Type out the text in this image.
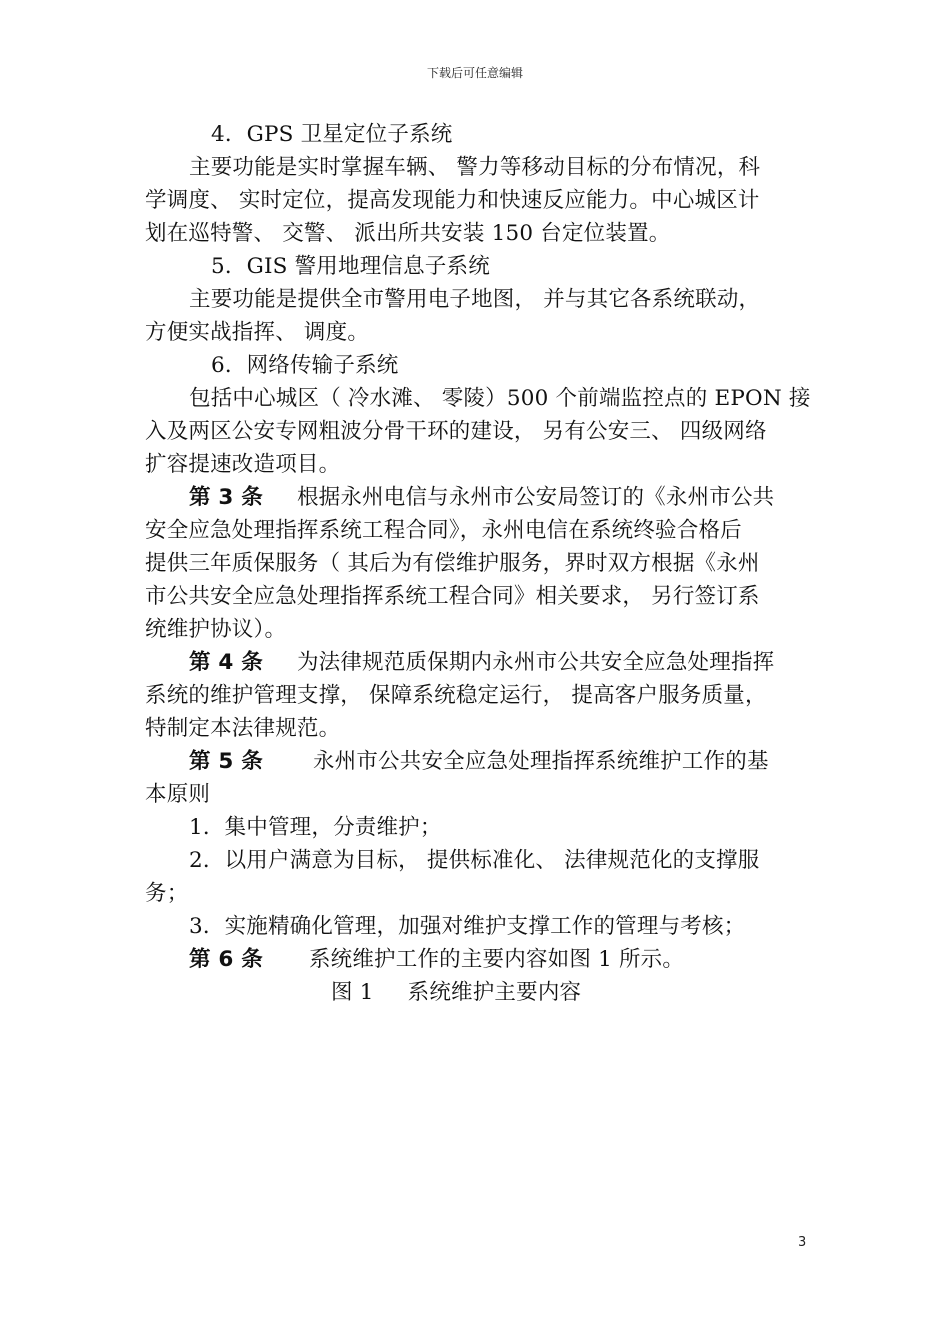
下载后可任意编辑
4．GPS 卫星定位子系统
主要功能是实时掌握车辆、 警力等移动目标的分布情况，科
学调度、 实时定位，提高发现能力和快速反应能力。中心城区计
划在巡特警、 交警、 派出所共安装 150 台定位装置。
5．GIS 警用地理信息子系统
主要功能是提供全市警用电子地图， 并与其它各系统联动，
方便实战指挥、 调度。
6．网络传输子系统
包括中心城区（ 冷水滩、 零陵）500 个前端监控点的 EPON 接
入及两区公安专网粗波分骨干环的建设， 另有公安三、 四级网络
扩容提速改造项目。
第 3 条 根据永州电信与永州市公安局签订的《永州市公共
安全应急处理指挥系统工程合同》，永州电信在系统终验合格后
提供三年质保服务（ 其后为有偿维护服务，界时双方根据《永州
市公共安全应急处理指挥系统工程合同》相关要求， 另行签订系
统维护协议）。
第 4 条 为法律规范质保期内永州市公共安全应急处理指挥
系统的维护管理支撑， 保障系统稳定运行， 提高客户服务质量，
特制定本法律规范。
第 5 条 永州市公共安全应急处理指挥系统维护工作的基
本原则
1．集中管理，分责维护；
2．以用户满意为目标， 提供标准化、 法律规范化的支撑服
务；
3．实施精确化管理，加强对维护支撑工作的管理与考核；
第 6 条 系统维护工作的主要内容如图 1 所示。
图 1 系统维护主要内容
3
